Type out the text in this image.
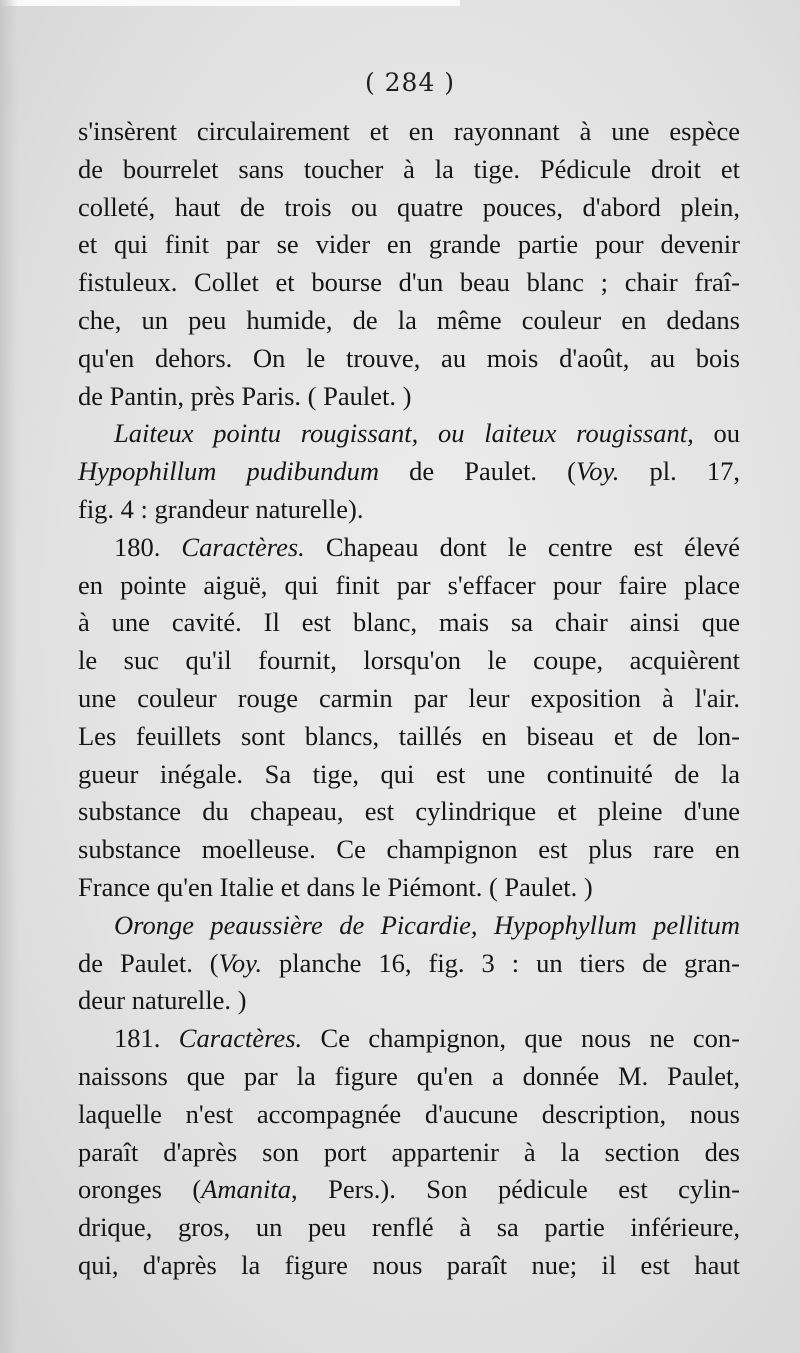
( 284 )
s'insèrent circulairement et en rayonnant à une espèce
de bourrelet sans toucher à la tige. Pédicule droit et
colleté, haut de trois ou quatre pouces, d'abord plein,
et qui finit par se vider en grande partie pour devenir
fistuleux. Collet et bourse d'un beau blanc ; chair fraî-
che, un peu humide, de la même couleur en dedans
qu'en dehors. On le trouve, au mois d'août, au bois
de Pantin, près Paris. ( Paulet. )
Laiteux pointu rougissant, ou laiteux rougissant, ou
Hypophillum pudibundum de Paulet. (Voy. pl. 17,
fig. 4 : grandeur naturelle).
180. Caractères. Chapeau dont le centre est élevé
en pointe aiguë, qui finit par s'effacer pour faire place
à une cavité. Il est blanc, mais sa chair ainsi que
le suc qu'il fournit, lorsqu'on le coupe, acquièrent
une couleur rouge carmin par leur exposition à l'air.
Les feuillets sont blancs, taillés en biseau et de lon-
gueur inégale. Sa tige, qui est une continuité de la
substance du chapeau, est cylindrique et pleine d'une
substance moelleuse. Ce champignon est plus rare en
France qu'en Italie et dans le Piémont. ( Paulet. )
Oronge peaussière de Picardie, Hypophyllum pellitum
de Paulet. (Voy. planche 16, fig. 3 : un tiers de gran-
deur naturelle. )
181. Caractères. Ce champignon, que nous ne con-
naissons que par la figure qu'en a donnée M. Paulet,
laquelle n'est accompagnée d'aucune description, nous
paraît d'après son port appartenir à la section des
oronges (Amanita, Pers.). Son pédicule est cylin-
drique, gros, un peu renflé à sa partie inférieure,
qui, d'après la figure nous paraît nue; il est haut
